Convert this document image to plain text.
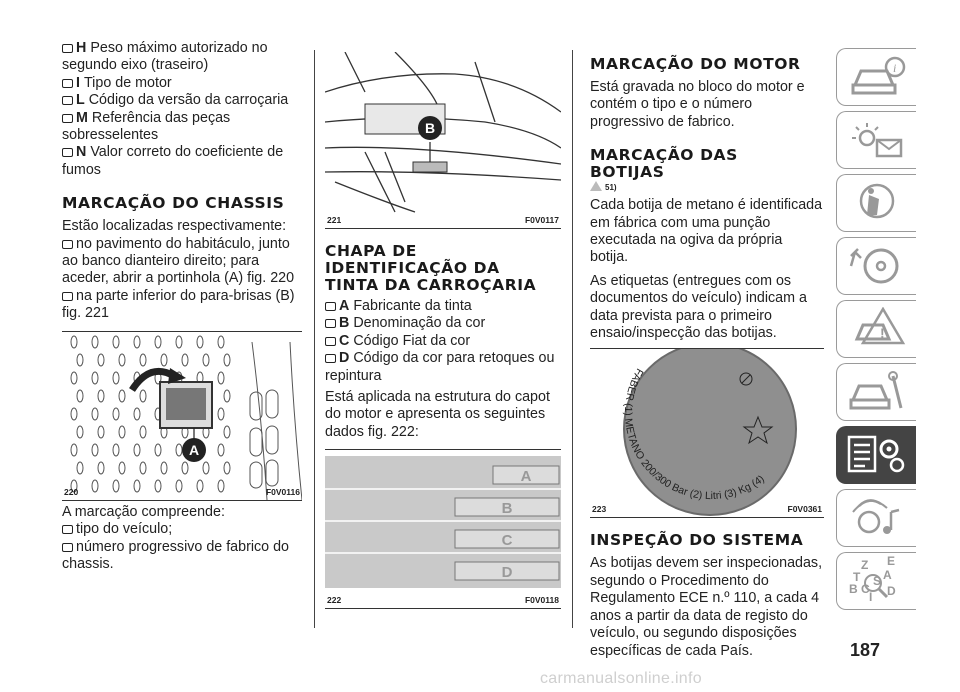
H Peso máximo autorizado no segundo eixo (traseiro)

I Tipo de motor

L Código da versão da carroçaria

M Referência das peças sobresselentes

N Valor correto do coeficiente de fumos

MARCAÇÃO DO CHASSIS

Estão localizadas respectivamente:

no pavimento do habitáculo, junto ao banco dianteiro direito; para aceder, abrir a portinhola (A) fig. 220

na parte inferior do para-brisas (B) fig. 221

A
220	F0V0116

A marcação compreende:

tipo do veículo;

número progressivo de fabrico do chassis.

B
221	F0V0117
CHAPA DE
IDENTIFICAÇÃO DA
TINTA DA CARROÇARIA

A Fabricante da tinta

B Denominação da cor

C Código Fiat da cor

D Código da cor para retoques ou repintura

Está aplicada na estrutura do capot do motor e apresenta os seguintes dados fig. 222:

A
B
C
D
222	F0V0118
MARCAÇÃO DO MOTOR

Está gravada no bloco do motor e contém o tipo e o número progressivo de fabrico.

MARCAÇÃO DAS
BOTIJAS

51)

Cada botija de metano é identificada em fábrica com uma punção executada na ogiva da própria botija.

As etiquetas (entregues com os documentos do veículo) indicam a data prevista para o primeiro ensaio/inspecção das botijas.

FABER (1) METANO 200/300 Bar (2) Litri (3) Kg (4)
223	F0V0361
INSPEÇÃO DO SISTEMA

As botijas devem ser inspecionadas, segundo o Procedimento do Regulamento ECE n.º 110, a cada 4 anos a partir da data de registo do veículo, ou segundo disposições específicas de cada País.

i
!
Z E
A
S
B C D
I
T
187
carmanualsonline.info
